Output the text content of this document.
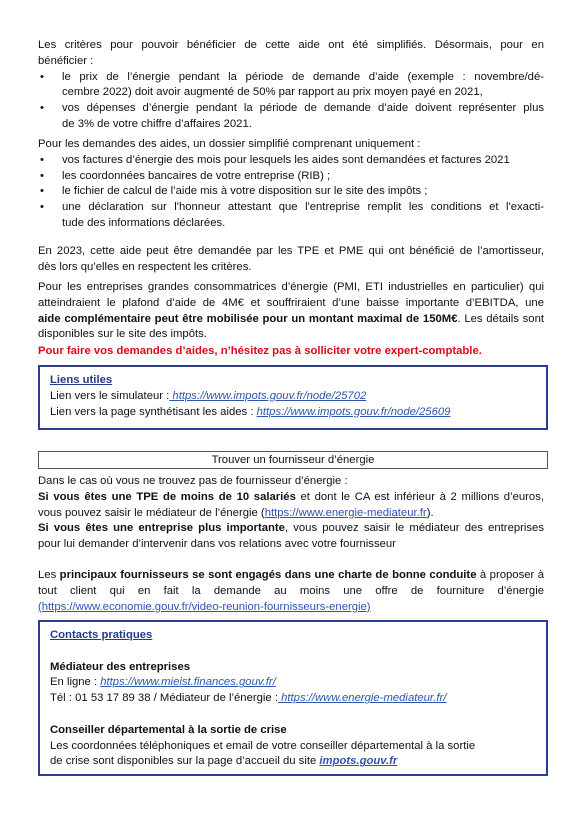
Les critères pour pouvoir bénéficier de cette aide ont été simplifiés. Désormais, pour en
bénéficier :
• le prix de l’énergie pendant la période de demande d’aide (exemple : novembre/dé-
cembre 2022) doit avoir augmenté de 50% par rapport au prix moyen payé en 2021,
• vos dépenses d’énergie pendant la période de demande d’aide doivent représenter plus
de 3% de votre chiffre d’affaires 2021.
Pour les demandes des aides, un dossier simplifié comprenant uniquement :
• vos factures d’énergie des mois pour lesquels les aides sont demandées et factures 2021
• les coordonnées bancaires de votre entreprise (RIB) ;
• le fichier de calcul de l’aide mis à votre disposition sur le site des impôts ;
• une déclaration sur l'honneur attestant que l'entreprise remplit les conditions et l'exacti-
tude des informations déclarées.
En 2023, cette aide peut être demandée par les TPE et PME qui ont bénéficié de l’amortisseur,
dès lors qu’elles en respectent les critères.
Pour les entreprises grandes consommatrices d’énergie (PMI, ETI industrielles en particulier) qui
atteindraient le plafond d’aide de 4M€ et souffriraient d’une baisse importante d’EBITDA, une
aide complémentaire peut être mobilisée pour un montant maximal de 150M€. Les détails sont
disponibles sur le site des impôts.
Pour faire vos demandes d’aides, n’hésitez pas à solliciter votre expert-comptable.
Liens utiles
Lien vers le simulateur : https://www.impots.gouv.fr/node/25702
Lien vers la page synthétisant les aides : https://www.impots.gouv.fr/node/25609
Trouver un fournisseur d’énergie
Dans le cas où vous ne trouvez pas de fournisseur d’énergie :
Si vous êtes une TPE de moins de 10 salariés et dont le CA est inférieur à 2 millions d’euros,
vous pouvez saisir le médiateur de l’énergie (https://www.energie-mediateur.fr).
Si vous êtes une entreprise plus importante, vous pouvez saisir le médiateur des entreprises
pour lui demander d’intervenir dans vos relations avec votre fournisseur
Les principaux fournisseurs se sont engagés dans une charte de bonne conduite à proposer à
tout client qui en fait la demande au moins une offre de fourniture d’énergie
(https://www.economie.gouv.fr/video-reunion-fournisseurs-energie)
Contacts pratiques
Médiateur des entreprises
En ligne : https://www.mieist.finances.gouv.fr/
Tél : 01 53 17 89 38 / Médiateur de l’énergie : https://www.energie-mediateur.fr/
Conseiller départemental à la sortie de crise
Les coordonnées téléphoniques et email de votre conseiller départemental à la sortie
de crise sont disponibles sur la page d’accueil du site impots.gouv.fr
